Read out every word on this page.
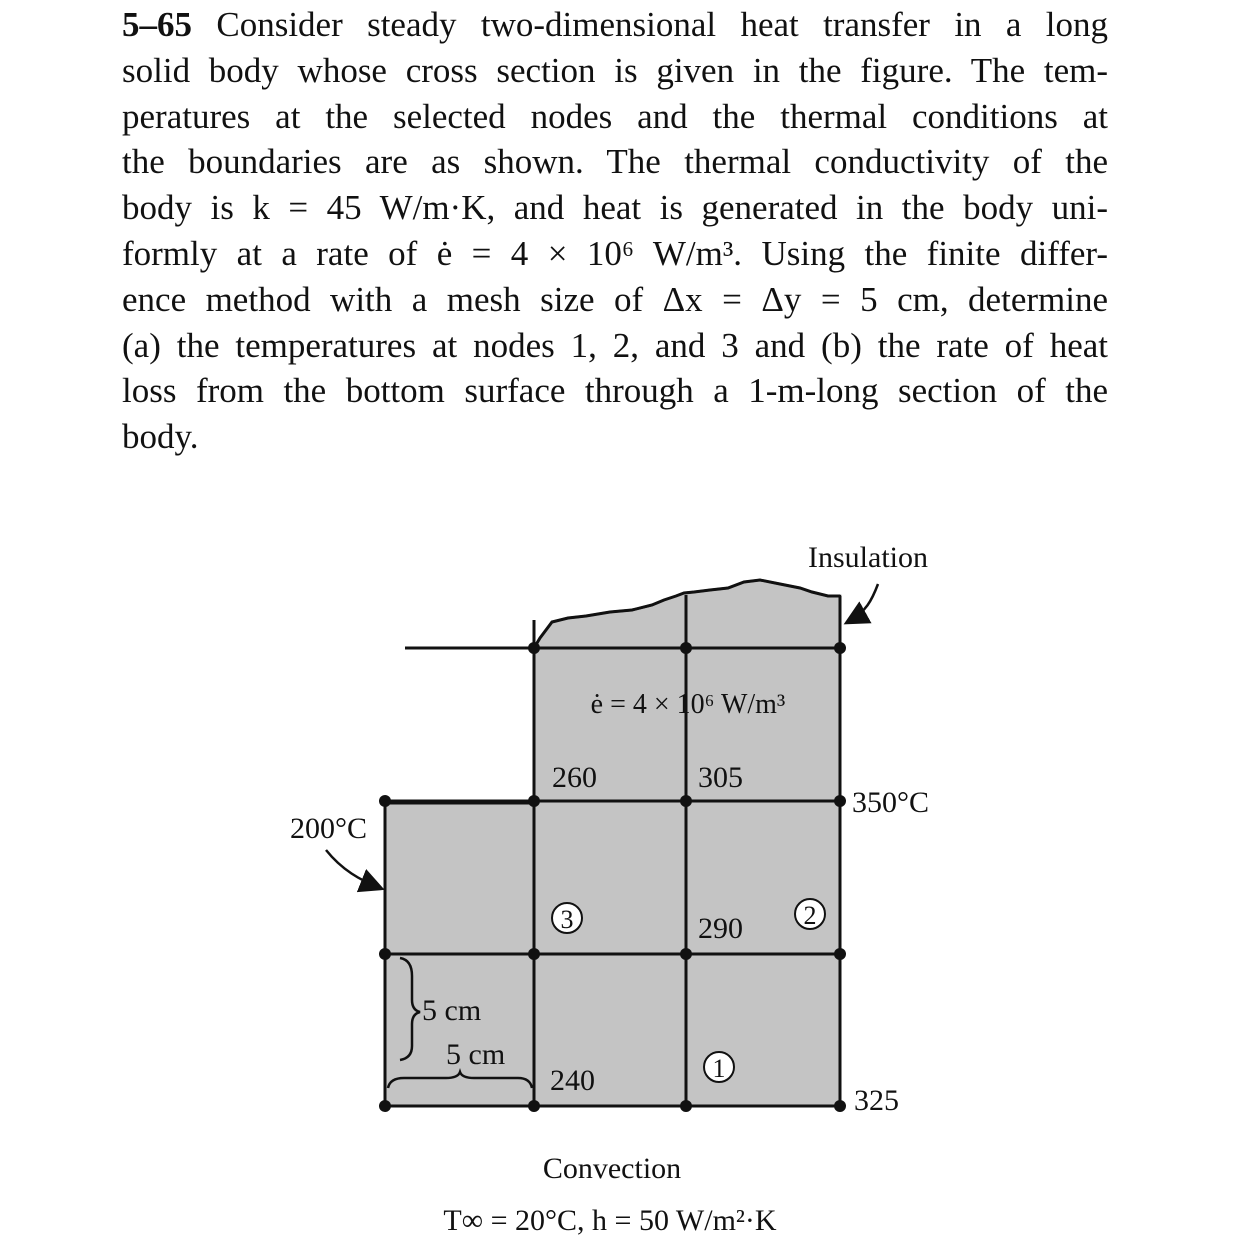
5–65 Consider steady two-dimensional heat transfer in a long
solid body whose cross section is given in the figure. The tem-
peratures at the selected nodes and the thermal conditions at
the boundaries are as shown. The thermal conductivity of the
body is k = 45 W/m·K, and heat is generated in the body uni-
formly at a rate of ė = 4 × 10⁶ W/m³. Using the finite differ-
ence method with a mesh size of Δx = Δy = 5 cm, determine
(a) the temperatures at nodes 1, 2, and 3 and (b) the rate of heat
loss from the bottom surface through a 1-m-long section of the
body.
Insulation
ė = 4 × 10⁶ W/m³
260	305
290
240
325
350°C
200°C
3	2
1
5 cm
5 cm
Convection
T∞ = 20°C, h = 50 W/m²·K
